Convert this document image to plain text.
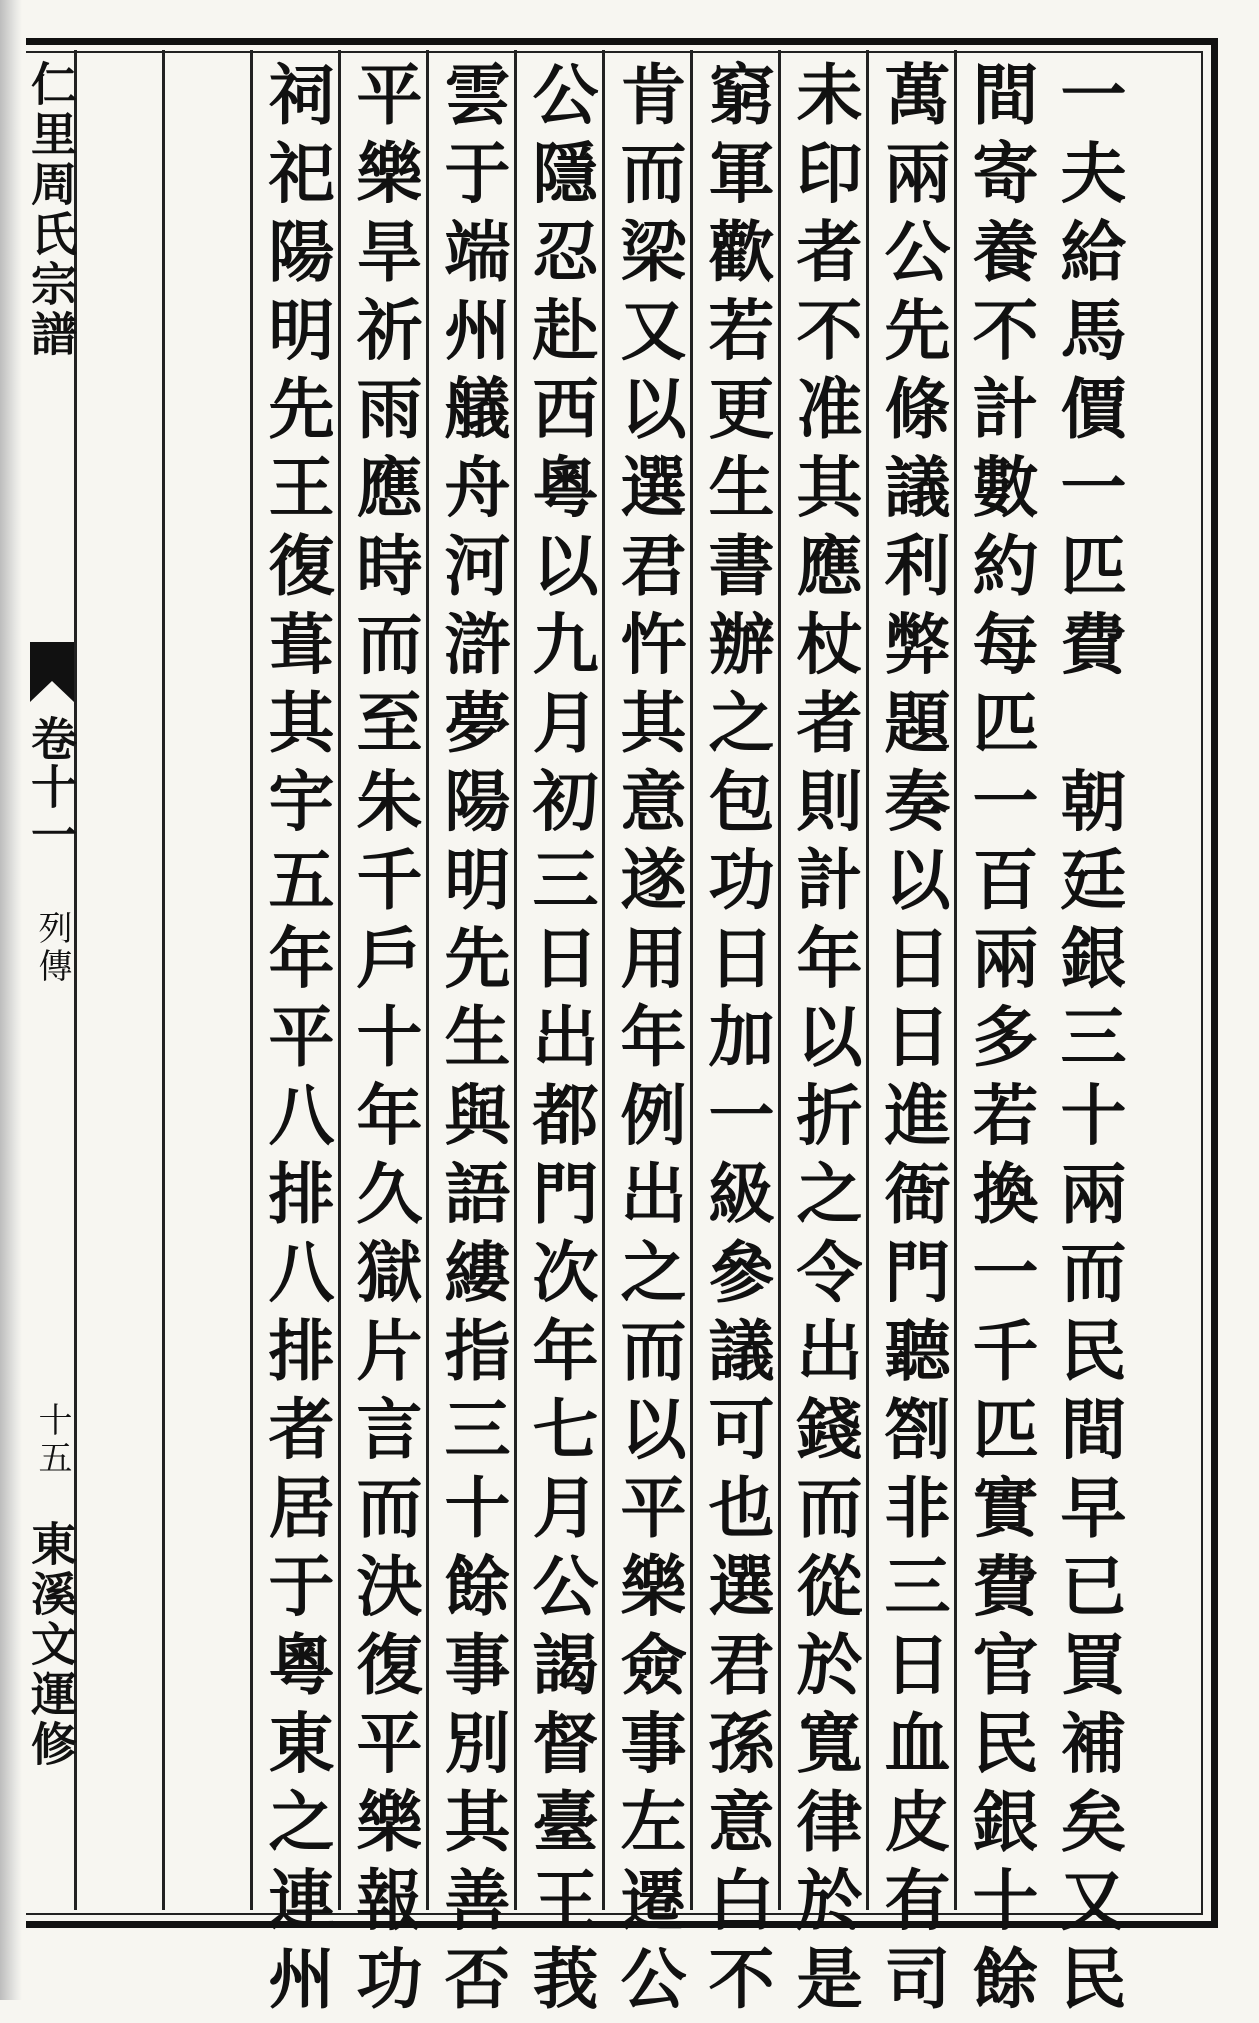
仁里周氏宗譜
卷十一
列傳
十五
東溪文運修	一夫給馬價一匹費　朝廷銀三十兩而民間早已買補矣又民
間寄養不計數約每匹一百兩多若換一千匹實費官民銀十餘
萬兩公先條議利弊題奏以日日進衙門聽劄非三日血皮有司
未印者不准其應杖者則計年以折之令出錢而從於寬律於是
窮軍歡若更生書辦之包功日加一級參議可也選君孫意白不
肯而梁又以選君忤其意遂用年例出之而以平樂僉事左遷公
公隱忍赴西粵以九月初三日出都門次年七月公謁督臺王莪
雲于端州艤舟河滸夢陽明先生與語縷指三十餘事別其善否
平樂旱祈雨應時而至朱千戶十年久獄片言而決復平樂報功
祠祀陽明先王復葺其宇五年平八排八排者居于粵東之連州
